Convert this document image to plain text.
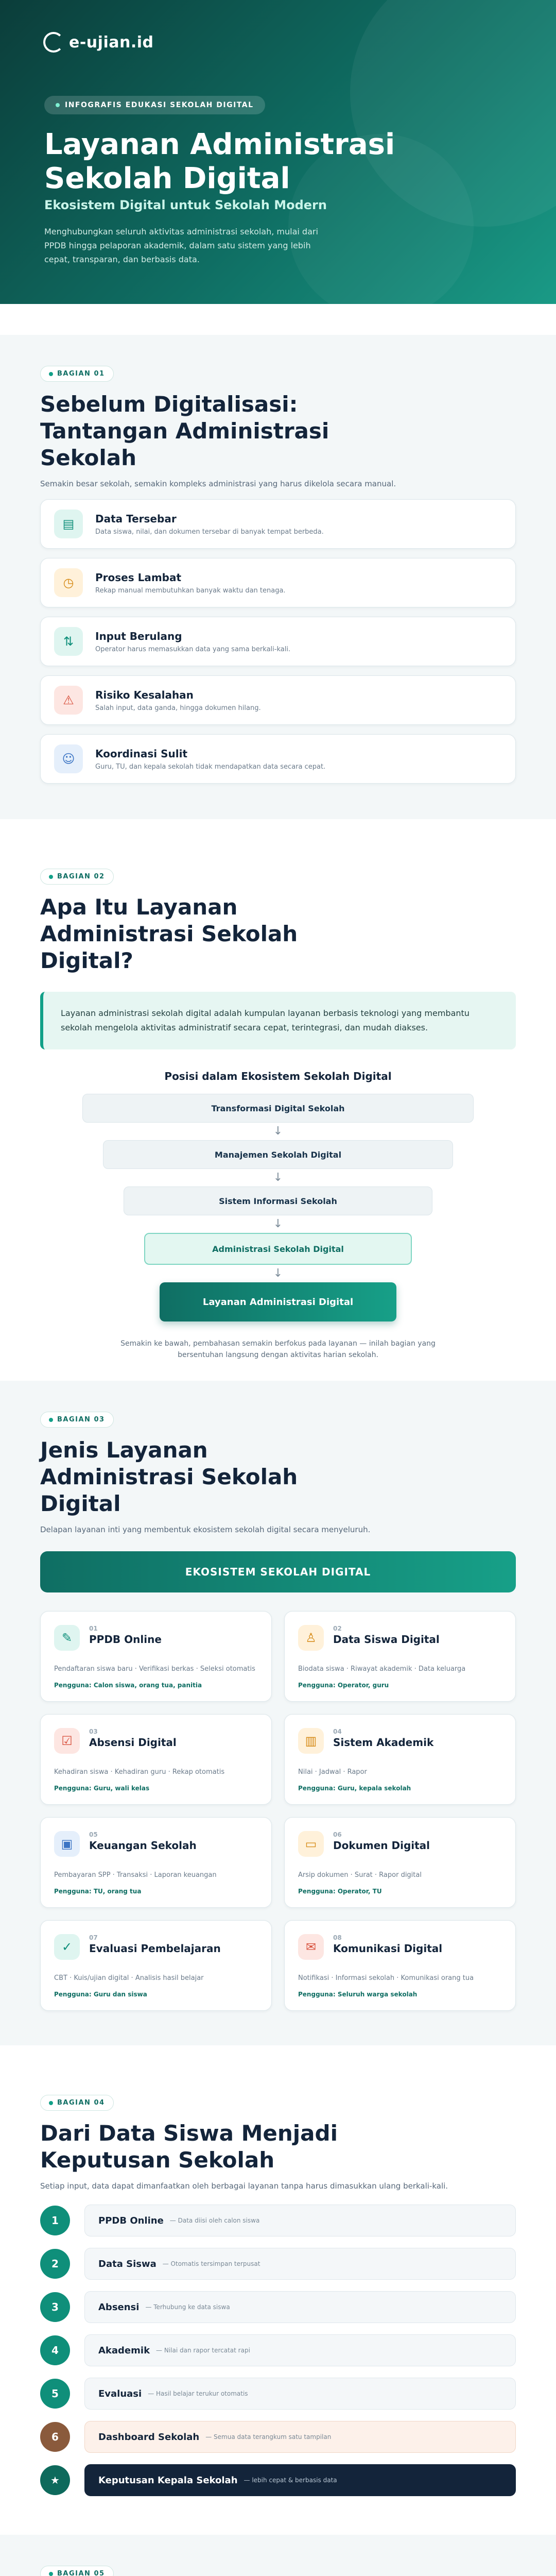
e-ujian.id
INFOGRAFIS EDUKASI SEKOLAH DIGITAL
Layanan Administrasi Sekolah Digital
Ekosistem Digital untuk Sekolah Modern
Menghubungkan seluruh aktivitas administrasi sekolah, mulai dari PPDB hingga pelaporan akademik, dalam satu sistem yang lebih cepat, transparan, dan berbasis data.
BAGIAN 01
Sebelum Digitalisasi: Tantangan Administrasi Sekolah

Semakin besar sekolah, semakin kompleks administrasi yang harus dikelola secara manual.

▤	Data Tersebar
Data siswa, nilai, dan dokumen tersebar di banyak tempat berbeda.
◷	Proses Lambat
Rekap manual membutuhkan banyak waktu dan tenaga.
⇅	Input Berulang
Operator harus memasukkan data yang sama berkali-kali.
⚠	Risiko Kesalahan
Salah input, data ganda, hingga dokumen hilang.
☺	Koordinasi Sulit
Guru, TU, dan kepala sekolah tidak mendapatkan data secara cepat.
BAGIAN 02
Apa Itu Layanan Administrasi Sekolah Digital?
Layanan administrasi sekolah digital adalah kumpulan layanan berbasis teknologi yang membantu sekolah mengelola aktivitas administratif secara cepat, terintegrasi, dan mudah diakses.
Posisi dalam Ekosistem Sekolah Digital
Transformasi Digital Sekolah
↓
Manajemen Sekolah Digital
↓
Sistem Informasi Sekolah
↓
Administrasi Sekolah Digital
↓
Layanan Administrasi Digital

Semakin ke bawah, pembahasan semakin berfokus pada layanan — inilah bagian yang bersentuhan langsung dengan aktivitas harian sekolah.

BAGIAN 03
Jenis Layanan Administrasi Sekolah Digital

Delapan layanan inti yang membentuk ekosistem sekolah digital secara menyeluruh.

EKOSISTEM SEKOLAH DIGITAL
✎
01
PPDB Online
Pendaftaran siswa baru · Verifikasi berkas · Seleksi otomatis
Pengguna: Calon siswa, orang tua, panitia
♙
02
Data Siswa Digital
Biodata siswa · Riwayat akademik · Data keluarga
Pengguna: Operator, guru
☑
03
Absensi Digital
Kehadiran siswa · Kehadiran guru · Rekap otomatis
Pengguna: Guru, wali kelas
▥
04
Sistem Akademik
Nilai · Jadwal · Rapor
Pengguna: Guru, kepala sekolah
▣
05
Keuangan Sekolah
Pembayaran SPP · Transaksi · Laporan keuangan
Pengguna: TU, orang tua
▭
06
Dokumen Digital
Arsip dokumen · Surat · Rapor digital
Pengguna: Operator, TU
✓
07
Evaluasi Pembelajaran
CBT · Kuis/ujian digital · Analisis hasil belajar
Pengguna: Guru dan siswa
✉
08
Komunikasi Digital
Notifikasi · Informasi sekolah · Komunikasi orang tua
Pengguna: Seluruh warga sekolah
BAGIAN 04
Dari Data Siswa Menjadi Keputusan Sekolah

Setiap input, data dapat dimanfaatkan oleh berbagai layanan tanpa harus dimasukkan ulang berkali-kali.

1	PPDB Online — Data diisi oleh calon siswa
2	Data Siswa — Otomatis tersimpan terpusat
3	Absensi — Terhubung ke data siswa
4	Akademik — Nilai dan rapor tercatat rapi
5	Evaluasi — Hasil belajar terukur otomatis
6	Dashboard Sekolah — Semua data terangkum satu tampilan
★	Keputusan Kepala Sekolah — lebih cepat & berbasis data
BAGIAN 05
